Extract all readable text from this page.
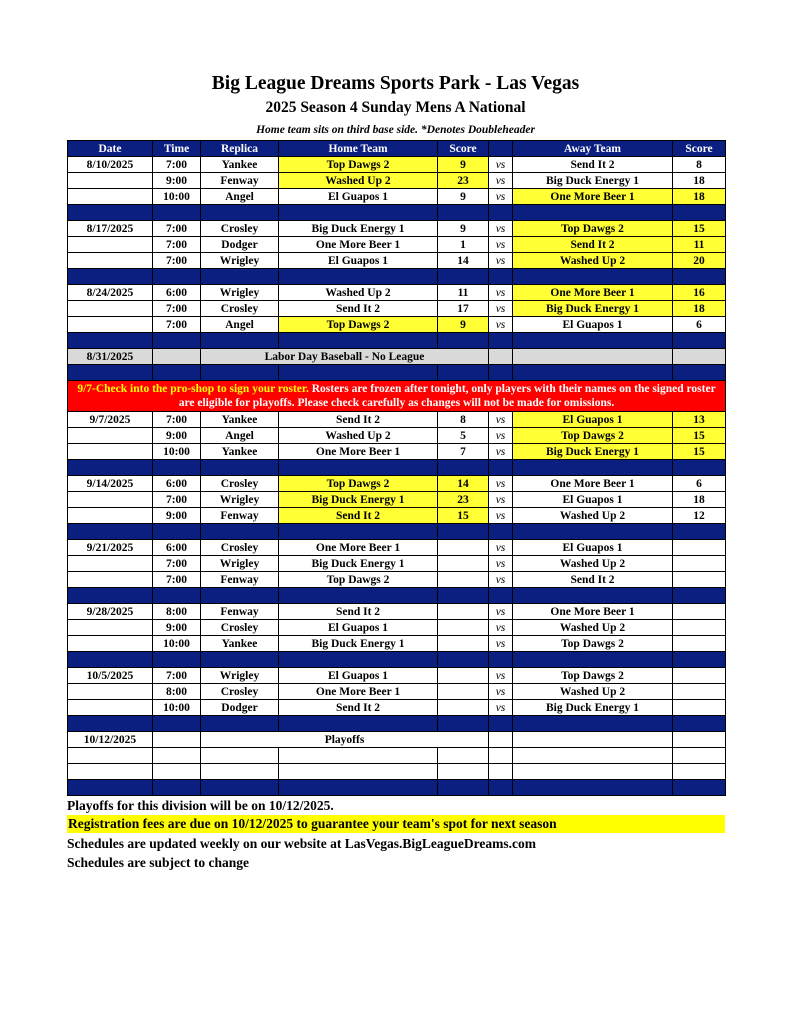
Big League Dreams Sports Park - Las Vegas
2025 Season 4 Sunday Mens A National
Home team sits on third base side. *Denotes Doubleheader
Date	Time	Replica	Home Team	Score		Away Team	Score
8/10/2025	7:00	Yankee	Top Dawgs 2	9	vs	Send It 2	8
	9:00	Fenway	Washed Up 2	23	vs	Big Duck Energy 1	18
	10:00	Angel	El Guapos 1	9	vs	One More Beer 1	18

8/17/2025	7:00	Crosley	Big Duck Energy 1	9	vs	Top Dawgs 2	15
	7:00	Dodger	One More Beer 1	1	vs	Send It 2	11
	7:00	Wrigley	El Guapos 1	14	vs	Washed Up 2	20

8/24/2025	6:00	Wrigley	Washed Up 2	11	vs	One More Beer 1	16
	7:00	Crosley	Send It 2	17	vs	Big Duck Energy 1	18
	7:00	Angel	Top Dawgs 2	9	vs	El Guapos 1	6

8/31/2025		Labor Day Baseball - No League					

9/7-Check into the pro-shop to sign your roster. Rosters are frozen after tonight, only players with their names on the signed roster are eligible for playoffs. Please check carefully as changes will not be made for omissions.							
9/7/2025	7:00	Yankee	Send It 2	8	vs	El Guapos 1	13
	9:00	Angel	Washed Up 2	5	vs	Top Dawgs 2	15
	10:00	Yankee	One More Beer 1	7	vs	Big Duck Energy 1	15

9/14/2025	6:00	Crosley	Top Dawgs 2	14	vs	One More Beer 1	6
	7:00	Wrigley	Big Duck Energy 1	23	vs	El Guapos 1	18
	9:00	Fenway	Send It 2	15	vs	Washed Up 2	12

9/21/2025	6:00	Crosley	One More Beer 1		vs	El Guapos 1	
	7:00	Wrigley	Big Duck Energy 1		vs	Washed Up 2	
	7:00	Fenway	Top Dawgs 2		vs	Send It 2	

9/28/2025	8:00	Fenway	Send It 2		vs	One More Beer 1	
	9:00	Crosley	El Guapos 1		vs	Washed Up 2	
	10:00	Yankee	Big Duck Energy 1		vs	Top Dawgs 2	

10/5/2025	7:00	Wrigley	El Guapos 1		vs	Top Dawgs 2	
	8:00	Crosley	One More Beer 1		vs	Washed Up 2	
	10:00	Dodger	Send It 2		vs	Big Duck Energy 1	

10/12/2025		Playoffs					

Playoffs for this division will be on 10/12/2025.
Registration fees are due on 10/12/2025 to guarantee your team's spot for next season
Schedules are updated weekly on our website at LasVegas.BigLeagueDreams.com
Schedules are subject to change
